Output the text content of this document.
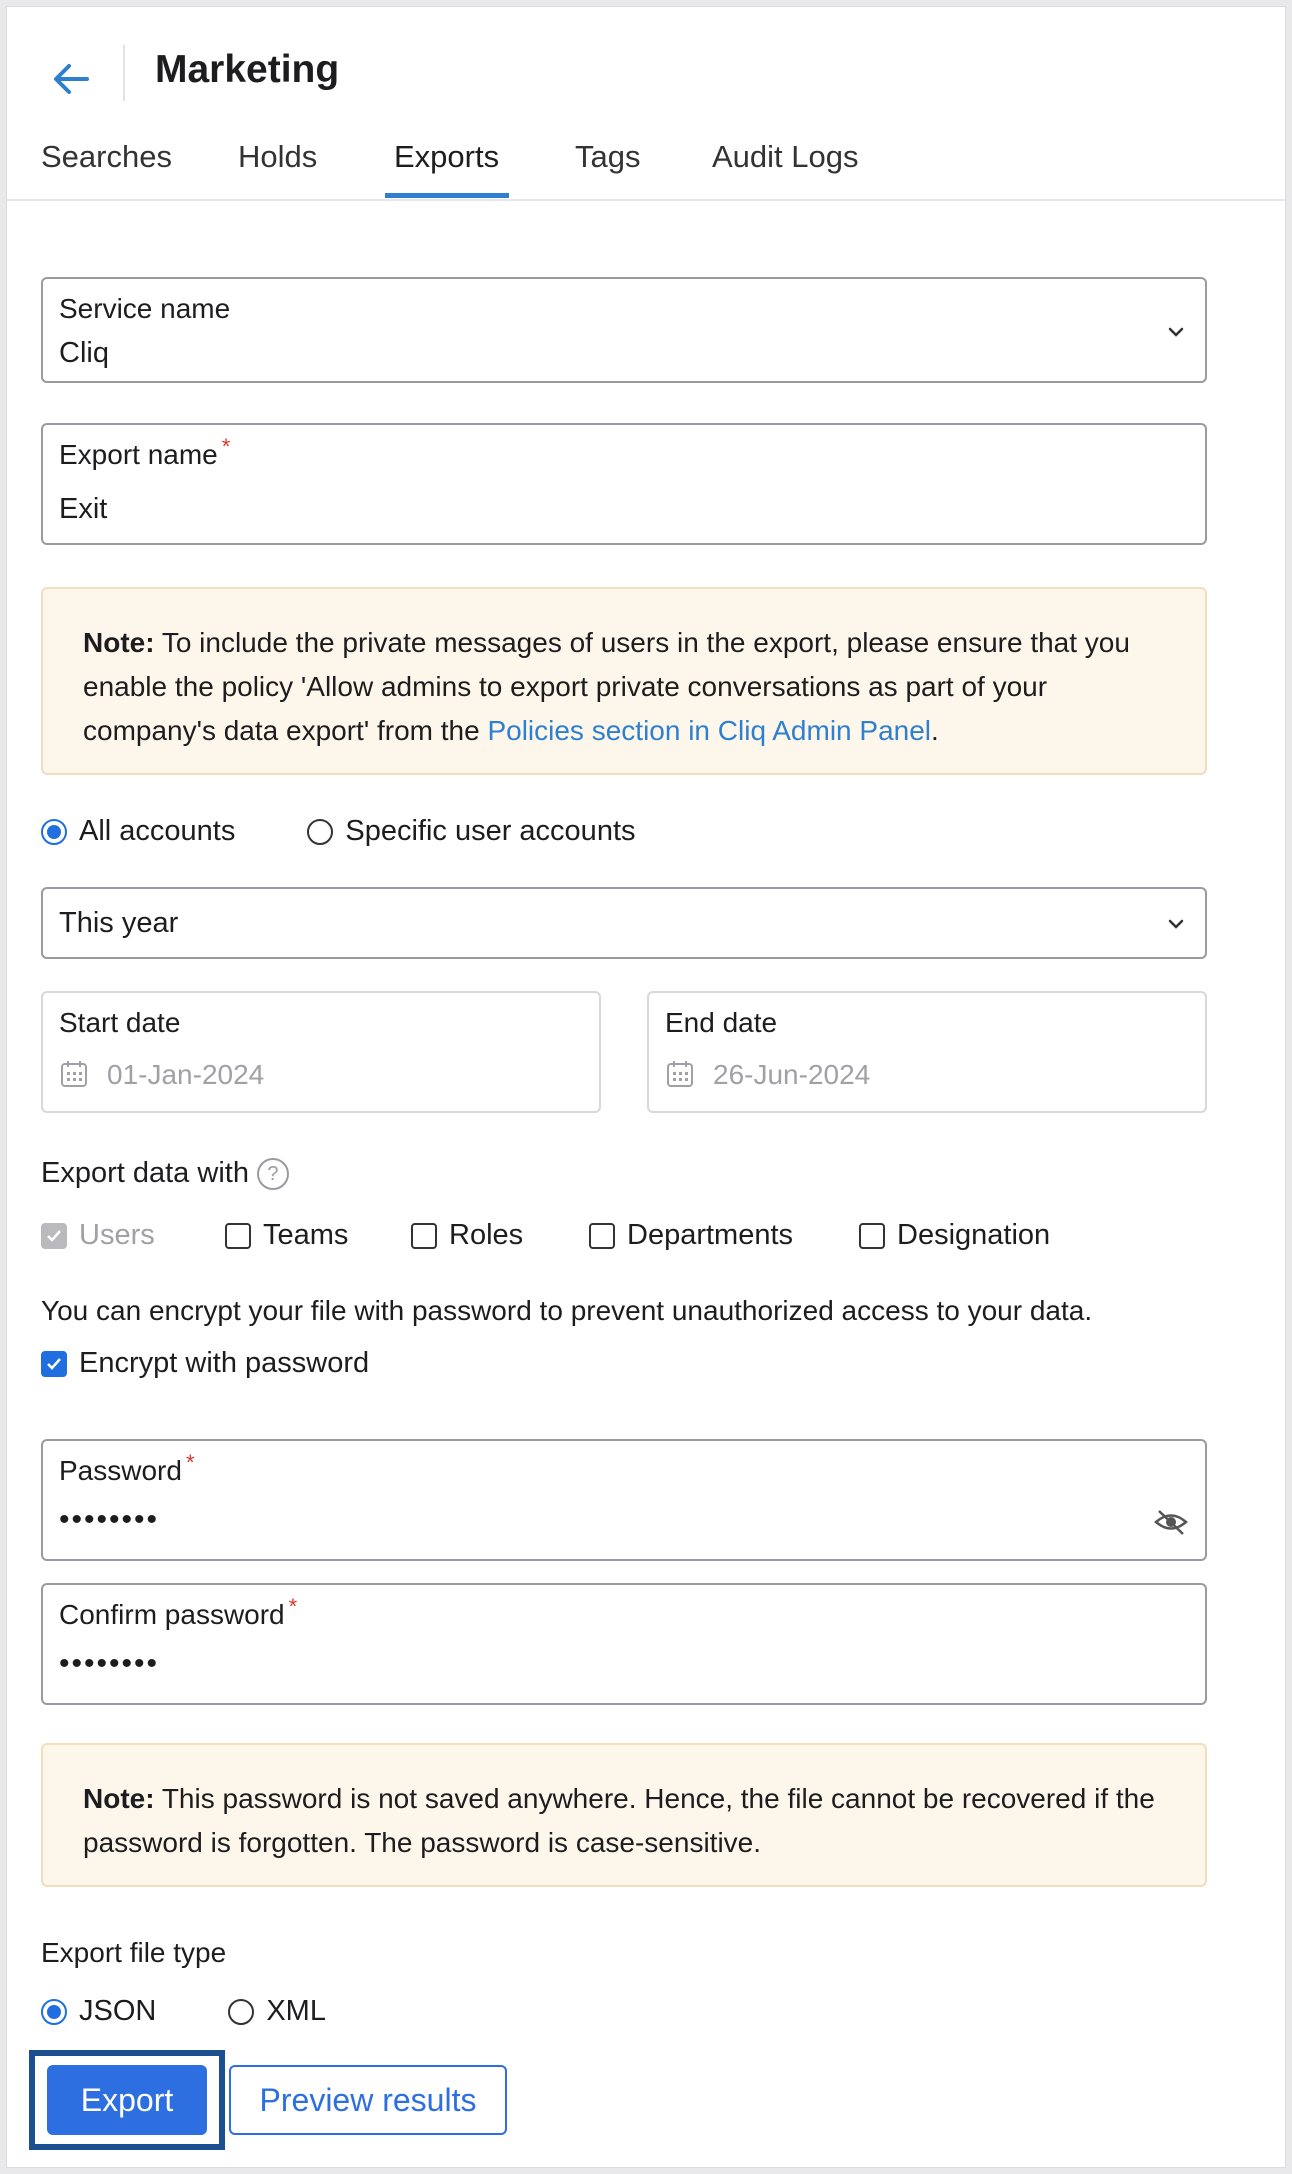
Marketing
Searches Holds Exports Tags Audit Logs
Service name
Cliq
Export name *
Exit
Note: To include the private messages of users in the export, please ensure that you enable the policy 'Allow admins to export private conversations as part of your company's data export' from the Policies section in Cliq Admin Panel.
All accounts	Specific user accounts
This year
Start date
01-Jan-2024
End date
26-Jun-2024
Export data with ?
Users	Teams	Roles	Departments	Designation
You can encrypt your file with password to prevent unauthorized access to your data.
Encrypt with password
Password *
••••••••
Confirm password *
••••••••
Note: This password is not saved anywhere. Hence, the file cannot be recovered if the password is forgotten. The password is case-sensitive.
Export file type
JSON	XML
Export	Preview results
